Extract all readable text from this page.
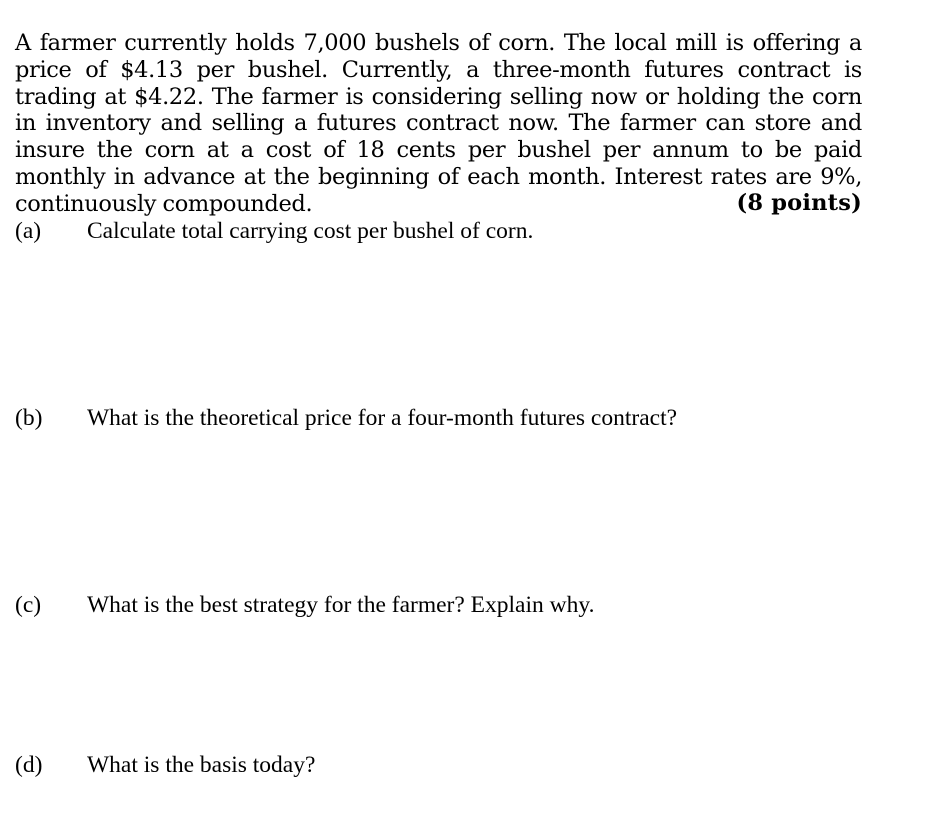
A farmer currently holds 7,000 bushels of corn. The local mill is offering a price of $4.13 per bushel. Currently, a three-month futures contract is trading at $4.22. The farmer is considering selling now or holding the corn in inventory and selling a futures contract now. The farmer can store and insure the corn at a cost of 18 cents per bushel per annum to be paid monthly in advance at the beginning of each month. Interest rates are 9%, continuously compounded.	(8 points)
(a) Calculate total carrying cost per bushel of corn.
(b) What is the theoretical price for a four-month futures contract?
(c) What is the best strategy for the farmer? Explain why.
(d) What is the basis today?
